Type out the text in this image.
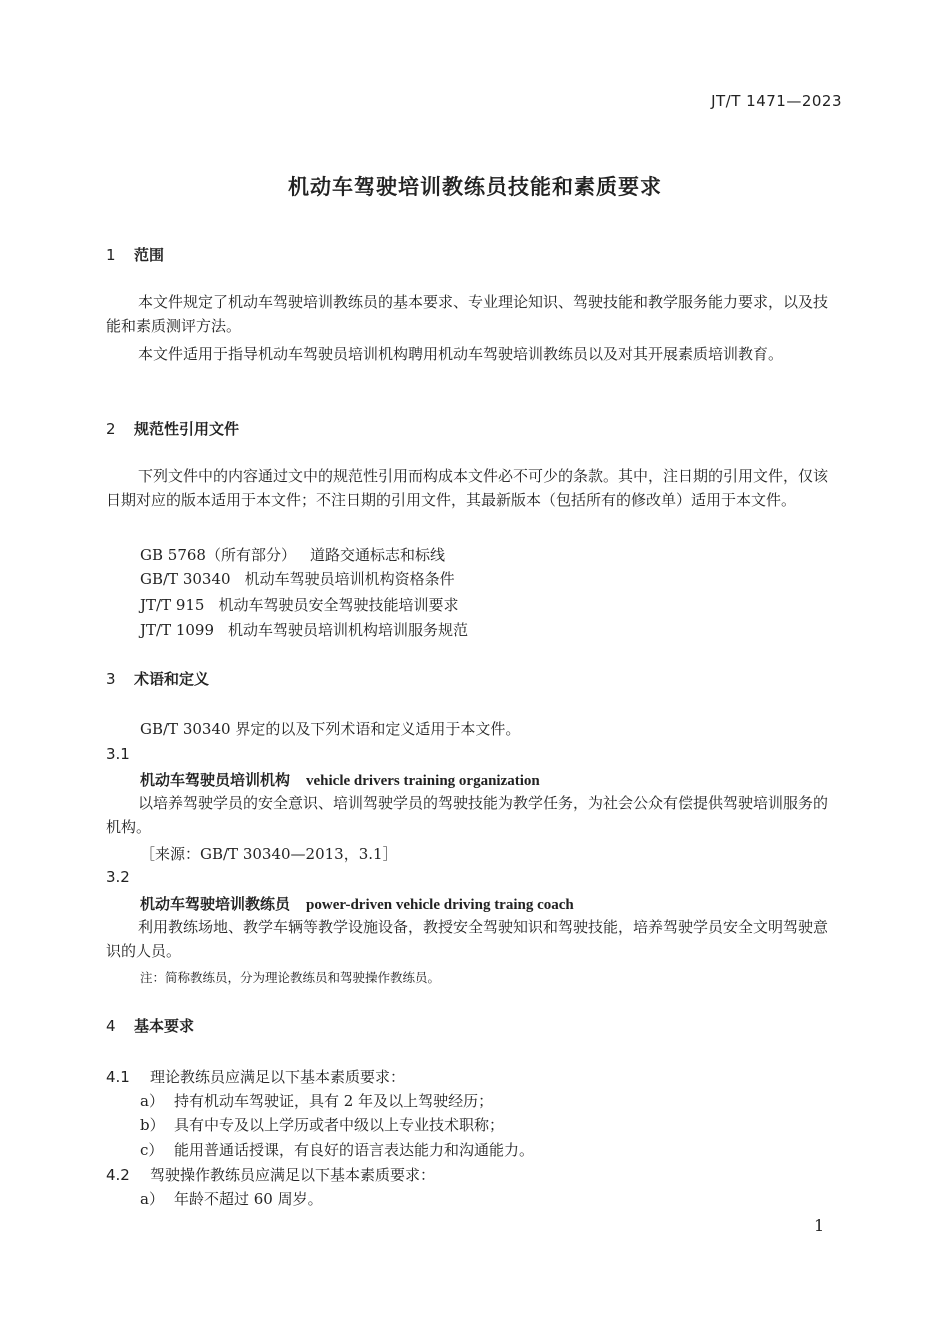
JT/T 1471—2023
机动车驾驶培训教练员技能和素质要求
1 范围
本文件规定了机动车驾驶培训教练员的基本要求、专业理论知识、驾驶技能和教学服务能力要求，以及技能和素质测评方法。
本文件适用于指导机动车驾驶员培训机构聘用机动车驾驶培训教练员以及对其开展素质培训教育。
2 规范性引用文件
下列文件中的内容通过文中的规范性引用而构成本文件必不可少的条款。其中，注日期的引用文件，仅该日期对应的版本适用于本文件；不注日期的引用文件，其最新版本（包括所有的修改单）适用于本文件。
GB 5768（所有部分） 道路交通标志和标线
GB/T 30340 机动车驾驶员培训机构资格条件
JT/T 915 机动车驾驶员安全驾驶技能培训要求
JT/T 1099 机动车驾驶员培训机构培训服务规范
3 术语和定义
GB/T 30340 界定的以及下列术语和定义适用于本文件。
3.1
机动车驾驶员培训机构 vehicle drivers training organization
以培养驾驶学员的安全意识、培训驾驶学员的驾驶技能为教学任务，为社会公众有偿提供驾驶培训服务的机构。
［来源：GB/T 30340—2013，3.1］
3.2
机动车驾驶培训教练员 power-driven vehicle driving traing coach
利用教练场地、教学车辆等教学设施设备，教授安全驾驶知识和驾驶技能，培养驾驶学员安全文明驾驶意识的人员。
注：简称教练员，分为理论教练员和驾驶操作教练员。
4 基本要求
4.1 理论教练员应满足以下基本素质要求：
a） 持有机动车驾驶证，具有 2 年及以上驾驶经历；
b） 具有中专及以上学历或者中级以上专业技术职称；
c） 能用普通话授课，有良好的语言表达能力和沟通能力。
4.2 驾驶操作教练员应满足以下基本素质要求：
a） 年龄不超过 60 周岁。
1
